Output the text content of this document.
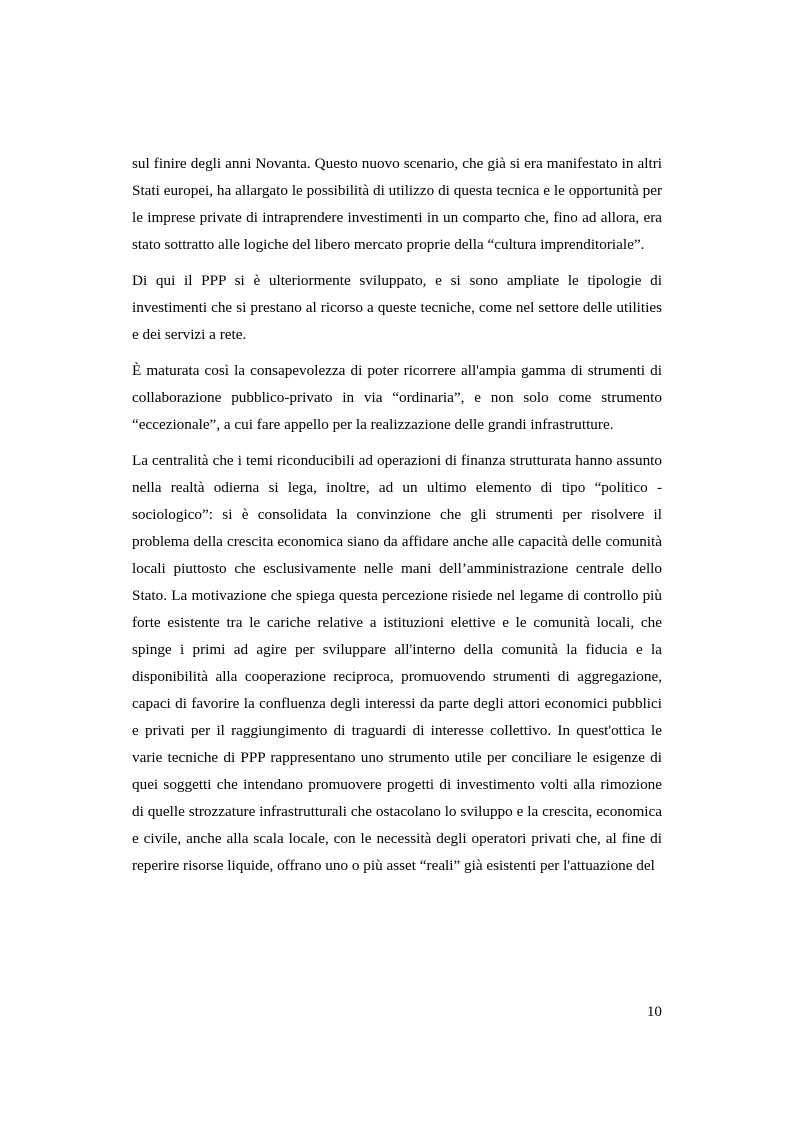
sul finire degli anni Novanta. Questo nuovo scenario, che già si era manifestato in altri Stati europei, ha allargato le possibilità di utilizzo di questa tecnica e le opportunità per le imprese private di intraprendere investimenti in un comparto che, fino ad allora, era stato sottratto alle logiche del libero mercato proprie della “cultura imprenditoriale”.

Di qui il PPP si è ulteriormente sviluppato, e si sono ampliate le tipologie di investimenti che si prestano al ricorso a queste tecniche, come nel settore delle utilities e dei servizi a rete.

È maturata così la consapevolezza di poter ricorrere all'ampia gamma di strumenti di collaborazione pubblico-privato in via “ordinaria”, e non solo come strumento “eccezionale”, a cui fare appello per la realizzazione delle grandi infrastrutture.

La centralità che i temi riconducibili ad operazioni di finanza strutturata hanno assunto nella realtà odierna si lega, inoltre, ad un ultimo elemento di tipo “politico -sociologico”: si è consolidata la convinzione che gli strumenti per risolvere il problema della crescita economica siano da affidare anche alle capacità delle comunità locali piuttosto che esclusivamente nelle mani dell’amministrazione centrale dello Stato. La motivazione che spiega questa percezione risiede nel legame di controllo più forte esistente tra le cariche relative a istituzioni elettive e le comunità locali, che spinge i primi ad agire per sviluppare all'interno della comunità la fiducia e la disponibilità alla cooperazione reciproca, promuovendo strumenti di aggregazione, capaci di favorire la confluenza degli interessi da parte degli attori economici pubblici e privati per il raggiungimento di traguardi di interesse collettivo. In quest'ottica le varie tecniche di PPP rappresentano uno strumento utile per conciliare le esigenze di quei soggetti che intendano promuovere progetti di investimento volti alla rimozione di quelle strozzature infrastrutturali che ostacolano lo sviluppo e la crescita, economica e civile, anche alla scala locale, con le necessità degli operatori privati che, al fine di reperire risorse liquide, offrano uno o più asset “reali” già esistenti per l'attuazione del

10
